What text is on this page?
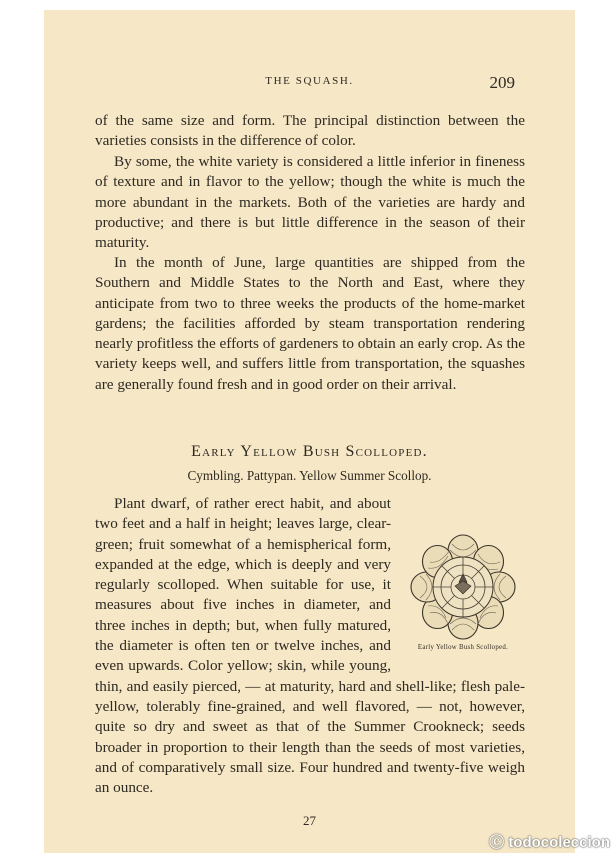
THE SQUASH.	209

of the same size and form. The principal distinction between the varieties consists in the difference of color.

By some, the white variety is considered a little inferior in fineness of texture and in flavor to the yellow; though the white is much the more abundant in the markets. Both of the varieties are hardy and productive; and there is but little difference in the season of their maturity.

In the month of June, large quantities are shipped from the Southern and Middle States to the North and East, where they anticipate from two to three weeks the products of the home-market gardens; the facilities afforded by steam transportation rendering nearly profitless the efforts of gardeners to obtain an early crop. As the variety keeps well, and suffers little from transportation, the squashes are generally found fresh and in good order on their arrival.

Early Yellow Bush Scolloped.
Cymbling. Pattypan. Yellow Summer Scollop.
Early Yellow Bush Scolloped.
Plant dwarf, of rather erect habit, and about two feet and a half in height; leaves large, clear-green; fruit somewhat of a hemispherical form, expanded at the edge, which is deeply and very regularly scolloped. When suitable for use, it measures about five inches in diameter, and three inches in depth; but, when fully matured, the diameter is often ten or twelve inches, and even upwards. Color yellow; skin, while young, thin, and easily pierced, — at maturity, hard and shell-like; flesh pale-yellow, tolerably fine-grained, and well flavored, — not, however, quite so dry and sweet as that of the Summer Crookneck; seeds broader in proportion to their length than the seeds of most varieties, and of comparatively small size. Four hundred and twenty-five weigh an ounce.
27
ⓒ todocoleccion
